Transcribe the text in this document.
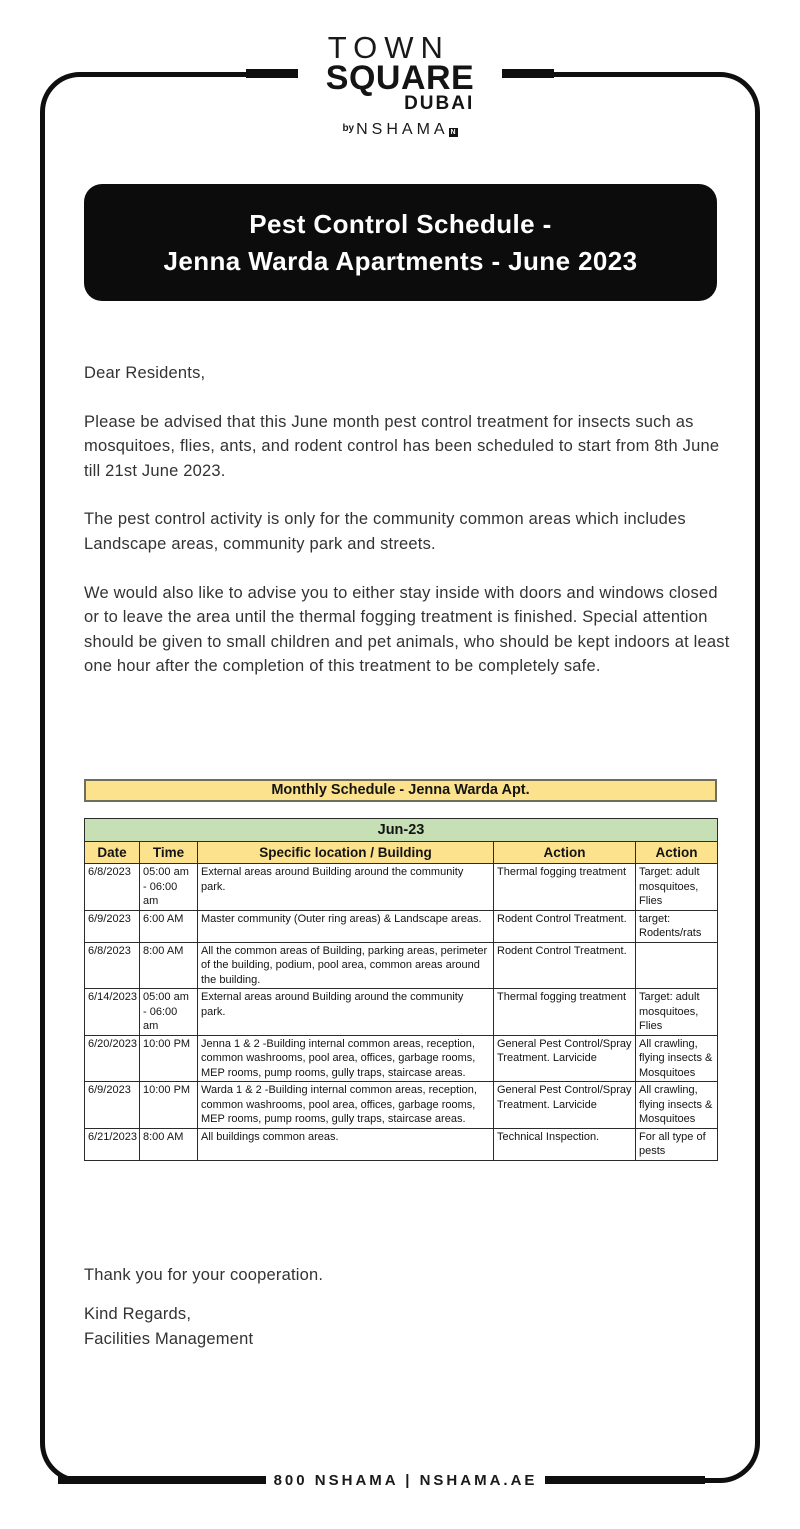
TOWN
SQUARE
DUBAI
by NSHAMA N
Pest Control Schedule -
Jenna Warda Apartments - June 2023

Dear Residents,

Please be advised that this June month pest control treatment for insects such as mosquitoes, flies, ants, and rodent control has been scheduled to start from 8th June till 21st June 2023.

The pest control activity is only for the community common areas which includes Landscape areas, community park and streets.

We would also like to advise you to either stay inside with doors and windows closed or to leave the area until the thermal fogging treatment is finished. Special attention should be given to small children and pet animals, who should be kept indoors at least one hour after the completion of this treatment to be completely safe.

Monthly Schedule - Jenna Warda Apt.
Jun-23				
Date	Time	Specific location / Building	Action	Action
6/8/2023	05:00 am - 06:00 am	External areas around Building around the community park.	Thermal fogging treatment	Target: adult mosquitoes, Flies
6/9/2023	6:00 AM	Master community (Outer ring areas) & Landscape areas.	Rodent Control Treatment.	target: Rodents/rats
6/8/2023	8:00 AM	All the common areas of Building, parking areas, perimeter of the building, podium, pool area, common areas around the building.	Rodent Control Treatment.	
6/14/2023	05:00 am - 06:00 am	External areas around Building around the community park.	Thermal fogging treatment	Target: adult mosquitoes, Flies
6/20/2023	10:00 PM	Jenna 1 & 2 -Building internal common areas, reception, common washrooms, pool area, offices, garbage rooms, MEP rooms, pump rooms, gully traps, staircase areas.	General Pest Control/Spray Treatment. Larvicide	All crawling, flying insects & Mosquitoes
6/9/2023	10:00 PM	Warda 1 & 2 -Building internal common areas, reception, common washrooms, pool area, offices, garbage rooms, MEP rooms, pump rooms, gully traps, staircase areas.	General Pest Control/Spray Treatment. Larvicide	All crawling, flying insects & Mosquitoes
6/21/2023	8:00 AM	All buildings common areas.	Technical Inspection.	For all type of pests
Thank you for your cooperation.
Kind Regards,
Facilities Management
800 NSHAMA | NSHAMA.AE
